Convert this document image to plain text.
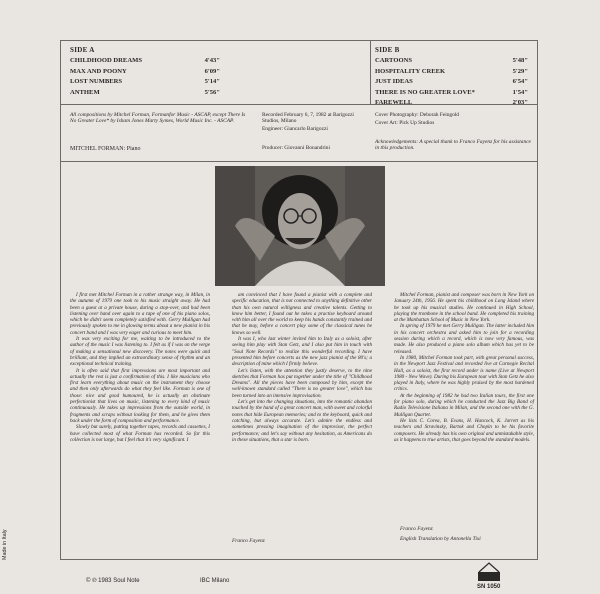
SIDE A
CHILDHOOD DREAMS	4'43"
MAX AND POONY	6'09"
LOST NUMBERS	5'14"
ANTHEM	5'56"
SIDE B
CARTOONS	5'48"
HOSPITALITY CREEK	5'29"
JUST IDEAS	6'54"
THERE IS NO GREATER LOVE*	1'54"
FAREWELL	2'03"
All compositions by Mitchel Forman, Formanfor Music - ASCAP, except There Is No Greater Love* by Isham Jones Marty Symes, World Music Inc. - ASCAP.
MITCHEL FORMAN: Piano
Recorded February 6, 7, 1982 at Barigozzi Studios, Milano
Engineer: Giancarlo Barigozzi
Producer: Giovanni Bonandrini
Cover Photography: Deborah Feingold
Cover Art: Pick Up Studios
Acknowledgements: A special thank to Franco Fayenz for his assistance in this production.

I first met Mitchel Forman in a rather strange way, in Milan, in the autumn of 1979 one took to his music straight away. He had been a guest at a private house, during a stop-over, and had been listening over hand over again to a tape of one of his piano solos, which he didn't seem completely satisfied with. Gerry Mulligan had previously spoken to me in glowing terms about a new pianist in his concert band and I was very eager and curious to meet him.

It was very exciting for me, waiting to be introduced to the author of the music I was listening to. I felt as if I was on the verge of making a sensational new discovery. The notes were quick and brilliant, and they implied an extraordinary sense of rhythm and an exceptional technical training.

It is often said that first impressions are most important and actually the rest is just a confirmation of this. I like musicians who first learn everything about music on the instrument they choose and then only afterwards do what they feel like. Forman is one of those: nice and good humoured, he is actually an obstinate perfectionist that lives on music, listening to every kind of music continuously. He takes up impressions from the outside world, in fragments and scraps without looking for them, and he gives them back under the form of composition and performance.

Slowly but surely, putting together tapes, records and cassettes, I have collected most of what Forman has recorded. So far this collection is not large, but I feel that it's very significant. I

am convinced that I have found a pianist with a complete and specific education, that is not connected to anything definitive other than his own natural willigness and creative talents. Getting to know him better, I found out he takes a practise keyboard around with him all over the world to keep his hands constantly trained and that he may, before a concert play some of the classical tunes he knows so well.

It was I, who last winter invited him to Italy as a soloist, after seeing him play with Stan Getz, and I also put him in touch with "Soul Note Records" to realize this wonderful recording. I have presented him before concerts as the new jazz pianist of the 80's; a description of mine which I firmly believe.

Let's listen, with the attention they justly deserve, to the nine sketches that Forman has put together under the title of "Childhood Dreams". All the pieces have been composed by him, except the well-known standard called "There is no greater love", which has been turned into an intensive improvisation.

Let's get into the changing situations, into the romantic abandon touched by the hand of a great concert man, with sweet and colorful notes that hide European memories; and to the keyboard, quick and catching, but always accurate. Let's admire the endless and sometimes pressing imagination of the improvisor, the perfect performance; and let's say without any hesitation, as Americans do in these situations, that a star is born.

Mitchel Forman, pianist and composer was born in New York on January 24th, 1956. He spent his childhood on Long Island where he took up his musical studies. He continued in High School, playing the trombone in the school band. He completed his training at the Manhattan School of Music in New York.

In spring of 1979 he met Gerry Mulligan. The latter included him in his concert orchestra and asked him to join for a recording session during which a record, which is now very famous, was made. He also produced a piano solo album which has yet to be released.

In 1980, Mitchel Forman took part, with great personal success, in the Newport Jazz Festival and recorded live at Carnegie Recital Hall, as a soloist, the first record under is name (Live at Newport 1980 - New Wave). During his European tour with Stan Getz he also played in Italy, where he was highly praised by the most hardened critics.

At the beginning of 1982 he had two Italian tours, the first one for piano solo, during which he conducted the Jazz Big Band of Radio Televisione Italiana in Milan, and the second one with the G. Mulligan Quartet.

He lists C. Corea, B. Evans, H. Hancock, K. Jarrett as his teachers and Stravinsky, Bartok and Chopin to be his favorite composers. He already has his own original and unmistakable style, as it happens to true artists, that goes beyond the standard models.

Franco Fayenz
Franco Fayenz
English Translation by Antonella Tixi
Made in Italy
© ℗ 1983 Soul Note	IBC Milano
SN 1050
